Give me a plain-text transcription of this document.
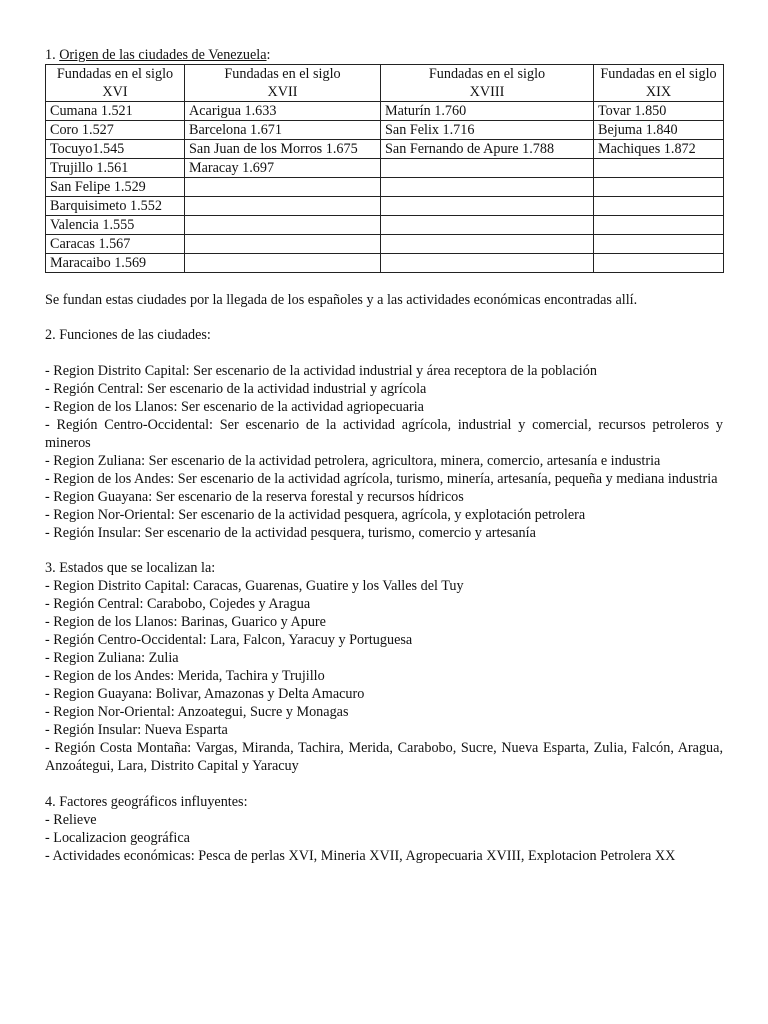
1. Origen de las ciudades de Venezuela:

Fundadas en el siglo XVI	Fundadas en el siglo XVII	Fundadas en el siglo XVIII	Fundadas en el siglo XIX
Cumana 1.521	Acarigua 1.633	Maturín 1.760	Tovar 1.850
Coro 1.527	Barcelona 1.671	San Felix 1.716	Bejuma 1.840
Tocuyo1.545	San Juan de los Morros 1.675	San Fernando de Apure 1.788	Machiques 1.872
Trujillo 1.561	Maracay 1.697		
San Felipe 1.529			
Barquisimeto 1.552			
Valencia 1.555			
Caracas 1.567			
Maracaibo 1.569			

Se fundan estas ciudades por la llegada de los españoles y a las actividades económicas encontradas allí.

2. Funciones de las ciudades:

- Region Distrito Capital: Ser escenario de la actividad industrial y área receptora de la población

- Región Central: Ser escenario de la actividad industrial y agrícola

- Region de los Llanos: Ser escenario de la actividad agriopecuaria

- Región Centro-Occidental: Ser escenario de la actividad agrícola, industrial y comercial, recursos petroleros y mineros

- Region Zuliana: Ser escenario de la actividad petrolera, agricultora, minera, comercio, artesanía e industria

- Region de los Andes: Ser escenario de la actividad agrícola, turismo, minería, artesanía, pequeña y mediana industria

- Region Guayana: Ser escenario de la reserva forestal y recursos hídricos

- Region Nor-Oriental: Ser escenario de la actividad pesquera, agrícola, y explotación petrolera

- Región Insular: Ser escenario de la actividad pesquera, turismo, comercio y artesanía

3. Estados que se localizan la:

- Region Distrito Capital: Caracas, Guarenas, Guatire y los Valles del Tuy

- Región Central: Carabobo, Cojedes y Aragua

- Region de los Llanos: Barinas, Guarico y Apure

- Región Centro-Occidental: Lara, Falcon, Yaracuy y Portuguesa

- Region Zuliana: Zulia

- Region de los Andes: Merida, Tachira y Trujillo

- Region Guayana: Bolivar, Amazonas y Delta Amacuro

- Region Nor-Oriental: Anzoategui, Sucre y Monagas

- Región Insular: Nueva Esparta

- Región Costa Montaña: Vargas, Miranda, Tachira, Merida, Carabobo, Sucre, Nueva Esparta, Zulia, Falcón, Aragua, Anzoátegui, Lara, Distrito Capital y Yaracuy

4. Factores geográficos influyentes:

- Relieve

- Localizacion geográfica

- Actividades económicas: Pesca de perlas XVI, Mineria XVII, Agropecuaria XVIII, Explotacion Petrolera XX
